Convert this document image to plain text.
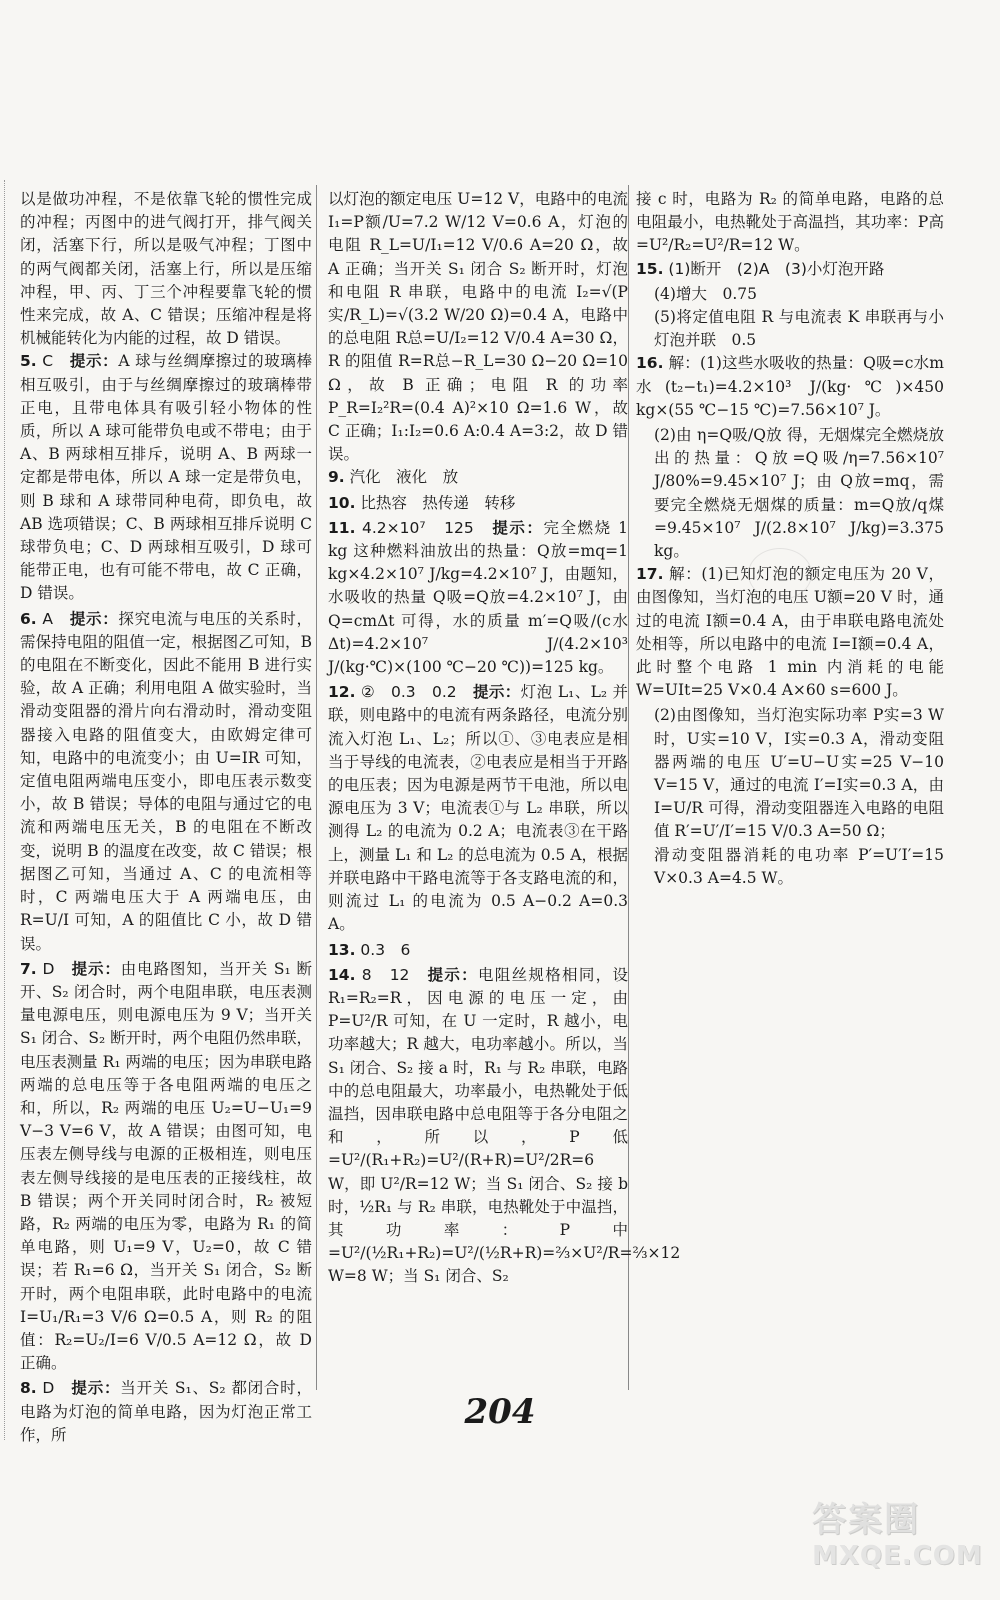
以是做功冲程，不是依靠飞轮的惯性完成的冲程；丙图中的进气阀打开，排气阀关闭，活塞下行，所以是吸气冲程；丁图中的两气阀都关闭，活塞上行，所以是压缩冲程，甲、丙、丁三个冲程要靠飞轮的惯性来完成，故 A、C 错误；压缩冲程是将机械能转化为内能的过程，故 D 错误。
5. C　 提示：A 球与丝绸摩擦过的玻璃棒相互吸引，由于与丝绸摩擦过的玻璃棒带正电，且带电体具有吸引轻小物体的性质，所以 A 球可能带负电或不带电；由于 A、B 两球相互排斥，说明 A、B 两球一定都是带电体，所以 A 球一定是带负电，则 B 球和 A 球带同种电荷，即负电，故 AB 选项错误；C、B 两球相互排斥说明 C 球带负电；C、D 两球相互吸引，D 球可能带正电，也有可能不带电，故 C 正确，D 错误。
6. A　 提示：探究电流与电压的关系时，需保持电阻的阻值一定，根据图乙可知，B 的电阻在不断变化，因此不能用 B 进行实验，故 A 正确；利用电阻 A 做实验时，当滑动变阻器的滑片向右滑动时，滑动变阻器接入电路的阻值变大，由欧姆定律可知，电路中的电流变小；由 U=IR 可知，定值电阻两端电压变小，即电压表示数变小，故 B 错误；导体的电阻与通过它的电流和两端电压无关，B 的电阻在不断改变，说明 B 的温度在改变，故 C 错误；根据图乙可知，当通过 A、C 的电流相等时，C 两端电压大于 A 两端电压，由 R=U/I 可知，A 的阻值比 C 小，故 D 错误。
7. D　 提示：由电路图知，当开关 S₁ 断开、S₂ 闭合时，两个电阻串联，电压表测量电源电压，则电源电压为 9 V；当开关 S₁ 闭合、S₂ 断开时，两个电阻仍然串联，电压表测量 R₁ 两端的电压；因为串联电路两端的总电压等于各电阻两端的电压之和，所以，R₂ 两端的电压 U₂=U−U₁=9 V−3 V=6 V，故 A 错误；由图可知，电压表左侧导线与电源的正极相连，则电压表左侧导线接的是电压表的正接线柱，故 B 错误；两个开关同时闭合时，R₂ 被短路，R₂ 两端的电压为零，电路为 R₁ 的简单电路，则 U₁=9 V，U₂=0，故 C 错误；若 R₁=6 Ω，当开关 S₁ 闭合，S₂ 断开时，两个电阻串联，此时电路中的电流 I=U₁/R₁=3 V/6 Ω=0.5 A，则 R₂ 的阻值：R₂=U₂/I=6 V/0.5 A=12 Ω，故 D 正确。
8. D　 提示：当开关 S₁、S₂ 都闭合时，电路为灯泡的简单电路，因为灯泡正常工作，所
以灯泡的额定电压 U=12 V，电路中的电流 I₁=P额/U=7.2 W/12 V=0.6 A，灯泡的电阻 R_L=U/I₁=12 V/0.6 A=20 Ω，故 A 正确；当开关 S₁ 闭合 S₂ 断开时，灯泡和电阻 R 串联，电路中的电流 I₂=√(P实/R_L)=√(3.2 W/20 Ω)=0.4 A，电路中的总电阻 R总=U/I₂=12 V/0.4 A=30 Ω，R 的阻值 R=R总−R_L=30 Ω−20 Ω=10 Ω，故 B 正确；电阻 R 的功率 P_R=I₂²R=(0.4 A)²×10 Ω=1.6 W，故 C 正确；I₁:I₂=0.6 A:0.4 A=3:2，故 D 错误。
9. 汽化　液化　放
10. 比热容　热传递　转移
11. 4.2×10⁷　125　 提示：完全燃烧 1 kg 这种燃料油放出的热量：Q放=mq=1 kg×4.2×10⁷ J/kg=4.2×10⁷ J，由题知，水吸收的热量 Q吸=Q放=4.2×10⁷ J，由 Q=cmΔt 可得，水的质量 m′=Q吸/(c水Δt)=4.2×10⁷ J/(4.2×10³ J/(kg·℃)×(100 ℃−20 ℃))=125 kg。
12. ②　0.3　0.2　 提示：灯泡 L₁、L₂ 并联，则电路中的电流有两条路径，电流分别流入灯泡 L₁、L₂；所以①、③电表应是相当于导线的电流表，②电表应是相当于开路的电压表；因为电源是两节干电池，所以电源电压为 3 V；电流表①与 L₂ 串联，所以测得 L₂ 的电流为 0.2 A；电流表③在干路上，测量 L₁ 和 L₂ 的总电流为 0.5 A，根据并联电路中干路电流等于各支路电流的和，则流过 L₁ 的电流为 0.5 A−0.2 A=0.3 A。
13. 0.3　6
14. 8　12　 提示：电阻丝规格相同，设 R₁=R₂=R，因电源的电压一定，由 P=U²/R 可知，在 U 一定时，R 越小，电功率越大；R 越大，电功率越小。所以，当 S₁ 闭合、S₂ 接 a 时，R₁ 与 R₂ 串联，电路中的总电阻最大，功率最小，电热靴处于低温挡，因串联电路中总电阻等于各分电阻之和，所以，P低=U²/(R₁+R₂)=U²/(R+R)=U²/2R=6 W，即 U²/R=12 W；当 S₁ 闭合、S₂ 接 b 时，½R₁ 与 R₂ 串联，电热靴处于中温挡，其功率：P中=U²/(½R₁+R₂)=U²/(½R+R)=⅔×U²/R=⅔×12 W=8 W；当 S₁ 闭合、S₂
接 c 时，电路为 R₂ 的简单电路，电路的总电阻最小，电热靴处于高温挡，其功率：P高=U²/R₂=U²/R=12 W。
15. (1)断开　(2)A　(3)小灯泡开路
(4)增大　0.75
(5)将定值电阻 R 与电流表 K 串联再与小灯泡并联　0.5
16. 解：(1)这些水吸收的热量：Q吸=c水m水(t₂−t₁)=4.2×10³ J/(kg·℃)×450 kg×(55 ℃−15 ℃)=7.56×10⁷ J。
(2)由 η=Q吸/Q放 得，无烟煤完全燃烧放出的热量：Q放=Q吸/η=7.56×10⁷ J/80%=9.45×10⁷ J；由 Q放=mq，需要完全燃烧无烟煤的质量：m=Q放/q煤=9.45×10⁷ J/(2.8×10⁷ J/kg)=3.375 kg。
17. 解：(1)已知灯泡的额定电压为 20 V，由图像知，当灯泡的电压 U额=20 V 时，通过的电流 I额=0.4 A，由于串联电路电流处处相等，所以电路中的电流 I=I额=0.4 A，此时整个电路 1 min 内消耗的电能 W=UIt=25 V×0.4 A×60 s=600 J。
(2)由图像知，当灯泡实际功率 P实=3 W 时，U实=10 V，I实=0.3 A，滑动变阻器两端的电压 U′=U−U实=25 V−10 V=15 V，通过的电流 I′=I实=0.3 A，由 I=U/R 可得，滑动变阻器连入电路的电阻值 R′=U′/I′=15 V/0.3 A=50 Ω；
滑动变阻器消耗的电功率 P′=U′I′=15 V×0.3 A=4.5 W。
204
答案圈
MXQE.COM
